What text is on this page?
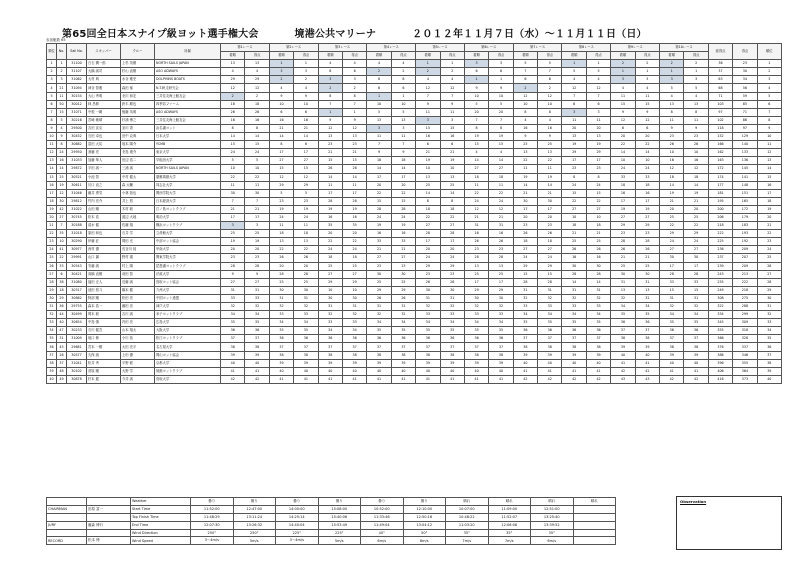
第65回全日本スナイプ級ヨット選手権大会	境港公共マリーナ	２０１２年１１月７日（水）～１１月１１日（日）
参加艇数 65
順位	No.	Sail No.	スキッパー	クルー	所属	第1レース		第2レース		第3レース		第4レース		第5レース		第6レース		第7レース		第8レース		第9レース		第10レース		総得点	得点	順位
						着順	得点	着順	得点	着順	得点	着順	得点	着順	得点	着順	得点	着順	得点	着順	得点	着順	得点	着順	得点			
1	1	31100	白石 潤一郎	上杉 英樹	NORTH SAILS JAPAN	13	13	1	1	4	4	4	4	1	1	3	3	5	5	1	1	2	2	2	2	36	23	1
2	2	31107	大橋 誠司	杉山 直樹	ASO ADWAYS	4	4	3	3	6	6	2	2	2	2	6	6	7	7	5	5	1	1	1	1	37	30	2
3	3	31062	大村 典	水谷 雅史	DOLPHINS BOATS	29	29	2	2	3	3	8	8	4	4	1	1	6	6	4	4	3	3	3	3	63	34	3
4	21	31094	神谷 智雅	森田 郁	N.T.帆走研究会	12	12	4	4	2	2	6	6	12	12	9	9	2	2	12	12	4	4	5	5	68	56	4
5	11	30154	大山 秀明	北川 和宏	三井住友海上艇友会	2	2	9	9	8	8	1	1	7	7	10	10	12	12	7	7	11	11	4	4	71	59	5
6	50	30012	林 昌伸	鈴木 順也	四季彩ファーム	18	18	10	10	7	7	10	10	9	9	5	5	10	10	6	6	15	15	13	13	103	85	6
7	15	31071	中根 一範	後藤 英明	ASO ADWAYS	26	26	6	6	1	1	5	5	11	11	20	20	8	8	3	3	9	9	8	8	97	71	7
8	5	30216	宮崎 敏晴	杉浦 博之	三井住友海上艇友会	16	16	16	16	9	9	13	13	3	3	7	7	4	4	11	11	12	12	11	11	102	86	8
9	4	29500	吉田 宣弘	室川 香	浜名湖ヨット	8	8	21	21	12	12	3	3	15	15	8	8	16	16	20	20	6	6	9	9	118	97	9
10	9	30452	石田 卓也	田中 克典	日本大学	14	14	14	14	13	13	11	11	16	16	19	19	9	9	13	13	20	20	23	23	152	129	10
11	8	30682	富田 大祐	坂本 陽介	YCMB	15	15	8	8	23	23	7	7	6	6	15	15	25	25	19	19	22	22	26	26	166	140	11
12	24	29950	斎藤 亮	北島 康介	東京大学	24	24	17	17	21	21	9	9	21	21	4	4	13	13	29	29	14	14	10	10	162	133	12
13	16	31033	加藤 隼人	田辺 浩二	早稲田大学	5	5	27	27	15	15	18	18	19	19	14	14	22	22	17	17	10	10	16	16	163	136	13
14	14	29872	平田 誠一	三浦 誠	NORTH SAILS JAPAN	10	10	15	15	26	26	14	14	10	10	27	27	11	11	23	23	24	24	12	12	172	145	14
15	25	30521	小池 智	中村 健太	慶應義塾大学	22	22	12	12	14	14	17	17	13	13	18	18	19	19	8	8	33	33	18	18	174	141	15
16	19	30611	川口 直之	森 大輔	同志社大学	11	11	29	29	11	11	20	20	25	25	11	11	14	14	24	24	18	18	14	14	177	148	16
17	12	31046	藤井 勇気	小林 拓也	関西学院大学	30	30	5	5	17	17	22	22	14	14	22	22	21	21	15	15	16	16	19	19	181	151	17
18	30	29812	竹内 亮介	井上 悠	日本経済大学	7	7	23	23	28	28	15	15	8	8	24	24	30	30	22	22	17	17	21	21	195	165	18
19	42	31022	山田 剛	木村 聡	江ノ島ヨットクラブ	21	21	19	19	19	19	28	28	18	18	12	12	17	17	27	27	19	19	20	20	200	172	19
20	27	30745	松本 浩	渡辺 大地	明治大学	17	17	24	24	16	16	24	24	22	22	21	21	20	20	10	10	27	27	25	25	206	179	20
21	7	30188	清水 健	佐藤 翔	横浜ヨットクラブ	3	3	11	11	35	35	19	19	27	27	31	31	23	23	18	18	29	29	22	22	218	183	21
22	35	31018	原田 和也	石井 学	立命館大学	25	25	18	18	20	20	16	16	28	28	16	16	26	26	21	21	23	23	29	29	222	193	22
23	10	30290	伊藤 匠	岡田 光	中部ヨット協会	19	19	13	13	22	22	33	33	17	17	26	26	18	18	25	25	28	28	24	24	225	192	23
24	41	30977	西村 優	長谷川 陸	甲南大学	20	20	22	22	24	24	21	21	20	20	23	23	27	27	26	26	26	26	27	27	236	209	24
25	22	29991	山口 翼	野村 蓮	関東学院大学	23	23	26	26	18	18	27	27	24	24	28	28	24	24	16	16	21	21	30	30	237	207	25
26	33	30543	安藤 誠	村上 陽	琵琶湖ヨットクラブ	28	28	20	20	25	25	23	23	29	29	13	13	29	29	30	30	25	25	17	17	239	209	26
27	6	30421	高橋 直樹	前田 智	法政大学	9	9	28	28	27	27	30	30	23	23	25	25	15	15	28	28	30	30	28	28	243	213	27
28	38	31080	福田 正人	近藤 誠	鳥取ヨット協会	27	27	25	25	29	29	25	25	26	26	17	17	28	28	14	14	31	31	33	33	255	222	28
29	18	30317	池田 悠斗	橋本 健	九州大学	31	31	30	30	10	10	29	29	30	30	29	29	31	31	31	31	13	13	15	15	249	218	29
30	29	30862	阿部 剛	松田 亮	中国ヨット連盟	33	33	31	31	30	30	26	26	31	31	30	30	32	32	32	32	32	32	31	31	308	275	30
31	36	29755	森本 浩一	藤田 崇	神戸大学	32	32	32	32	31	31	31	31	32	32	32	32	33	33	33	33	34	34	32	32	322	288	31
32	44	30499	岡本 聡	吉川 誠	米子ヨットクラブ	34	34	33	33	32	32	32	32	33	33	33	33	34	34	34	34	35	35	34	34	334	299	32
33	40	30654	中島 慎	内田 亮	広島大学	35	35	34	34	33	33	34	34	34	34	34	34	35	35	35	35	36	36	35	35	345	309	33
34	47	30233	石川 健吾	山本 翔太	大阪大学	36	36	35	35	34	34	35	35	35	35	35	35	36	36	36	36	37	37	36	36	355	318	34
35	31	31009	坂口 修	小川 拓	松江ヨットクラブ	37	37	36	36	36	36	36	36	36	36	36	36	37	37	37	37	38	38	37	37	366	328	35
36	45	29681	宮本 一樹	太田 亮平	名古屋大学	38	38	37	37	37	37	37	37	37	37	37	37	38	38	38	38	39	39	38	38	376	337	36
37	26	30577	久保 誠	上田 優	岡山ヨット協会	39	39	38	38	38	38	38	38	38	38	38	38	39	39	39	39	40	40	39	39	386	346	37
38	37	31041	松井 秀	平野 聡	京都大学	40	40	39	39	39	39	39	39	39	39	39	39	40	40	40	40	41	41	40	40	396	355	38
39	48	30102	菅原 剛	大野 学	境港ヨットクラブ	41	41	40	40	40	40	40	40	40	40	40	40	41	41	41	41	42	42	41	41	406	364	39
40	49	30878	杉本 健	今井 誠	鳥取大学	42	42	41	41	41	41	41	41	41	41	41	41	42	42	42	42	43	43	42	42	416	373	40
		Weather	曇り	曇り	曇り	曇り	曇り	曇り	晴れ	晴れ	晴れ	晴れ
CHAIRMAN	田原 富一	Start Time	11:52:00	12:47:00	14:00:00	15:08:00	10:52:00	12:10:00	10:07:00	11:09:00	12:51:00	
		Top Finish Time	11:48:29	13:11:24	14:25:14	15:40:06	11:33:46	12:50:18	10:48:22	11:52:07	13:25:40	
JURY	藤森 博行	End Time	12:07:30	13:26:32	14:40:04	15:53:49	11:49:04	13:04:12	11:03:20	12:06:08	13:39:52	
		Wind Direction	250°	250°	225°	225°	40°	50°	35°	35°	35°	
RECORD	松本 博	Wind Speed	3～4m/s	5m/s	3～4m/s	5m/s	6m/s	6m/s	7m/s	7m/s	6m/s	
Observation
